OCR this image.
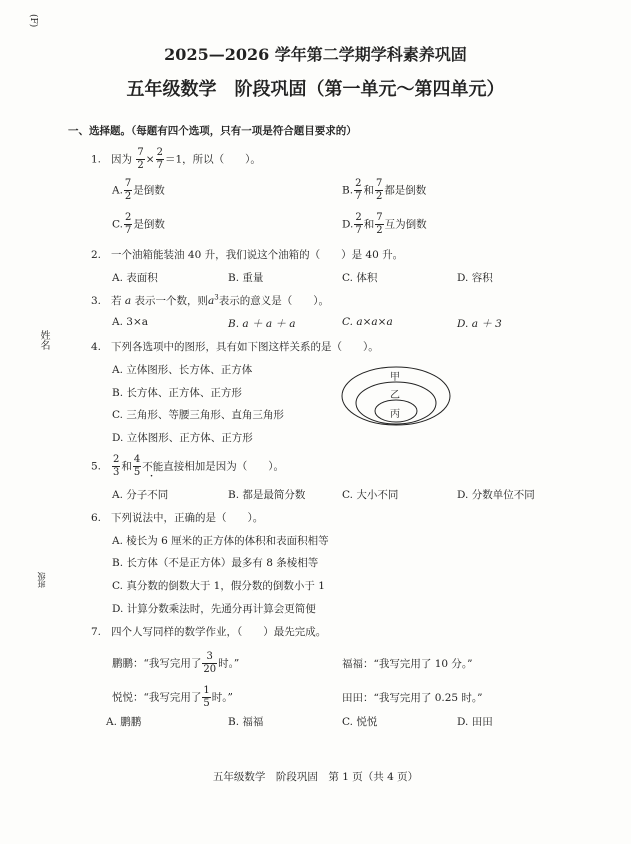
(F)
2025—2026 学年第二学期学科素养巩固
五年级数学　阶段巩固（第一单元～第四单元）
姓名
班级
一、选择题。（每题有四个选项，只有一项是符合题目要求的）
1. 因为 $\frac{7}{2} \times \frac{2}{7} =1$，所以（　　）。
A. $\frac{7}{2}$ 是倒数	B. $\frac{2}{7}$ 和 $\frac{7}{2}$ 都是倒数
C. $\frac{2}{7}$ 是倒数	D. $\frac{2}{7}$ 和 $\frac{7}{2}$ 互为倒数
2. 一个油箱能装油 40 升，我们说这个油箱的（　　）是 40 升。
A. 表面积	B. 重量	C. 体积	D. 容积
3. 若 a 表示一个数，则$a^3$表示的意义是（　　）。
A. 3×a	B. a ＋ a ＋ a	C. a×a×a	D. a ＋ 3
4. 下列各选项中的图形，具有如下图这样关系的是（　　）。
A. 立体图形、长方体、正方体
B. 长方体、正方体、正方形
C. 三角形、等腰三角形、直角三角形
D. 立体图形、正方体、正方形
甲
乙
丙
5. $\frac{2}{3}$ 和 $\frac{4}{5}$ 不能直接相加是因为（　　）。
A. 分子不同	B. 都是最简分数	C. 大小不同	D. 分数单位不同
6. 下列说法中，正确的是（　　）。
A. 棱长为 6 厘米的正方体的体积和表面积相等
B. 长方体（不是正方体）最多有 8 条棱相等
C. 真分数的倒数大于 1，假分数的倒数小于 1
D. 计算分数乘法时，先通分再计算会更简便
7. 四个人写同样的数学作业，（　　）最先完成。
鹏鹏：“我写完用了 $\frac{3}{20}$ 时。”	福福：“我写完用了 10 分。”
悦悦：“我写完用了 $\frac{1}{5}$ 时。”	田田：“我写完用了 0.25 时。”
A. 鹏鹏	B. 福福	C. 悦悦	D. 田田
五年级数学　阶段巩固　第 1 页（共 4 页）
